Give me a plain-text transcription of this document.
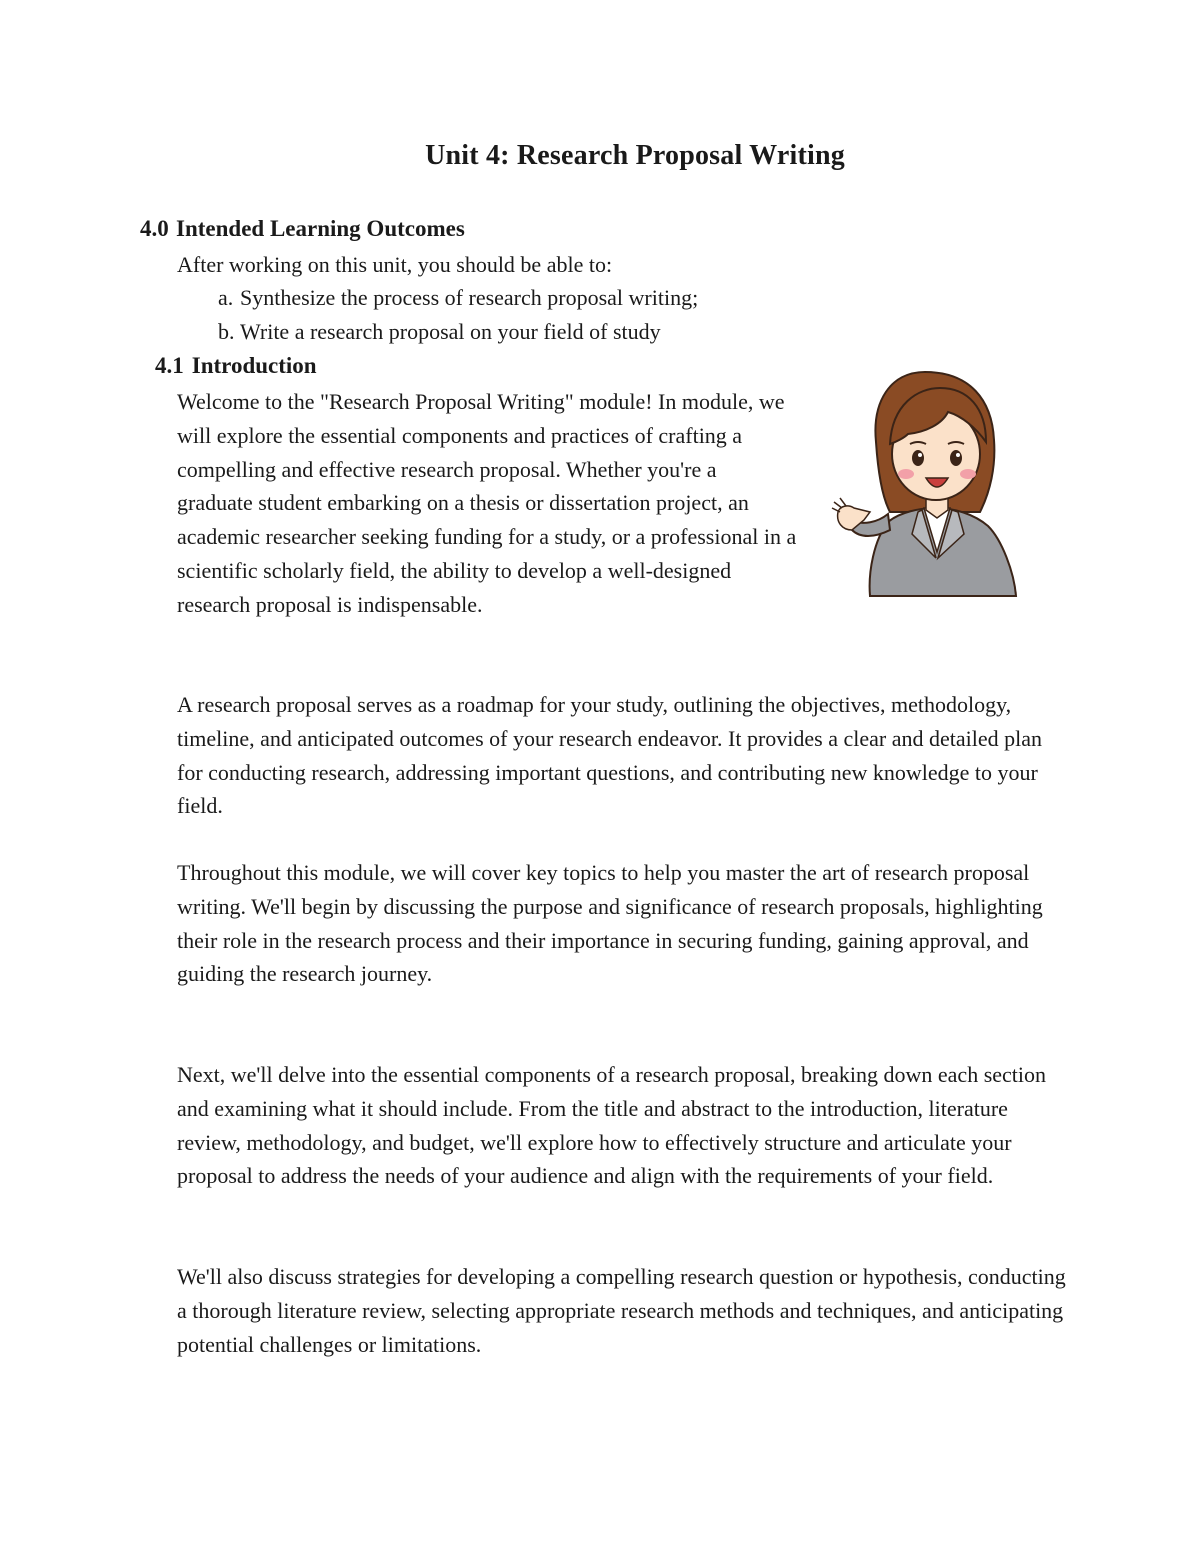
Unit 4: Research Proposal Writing
4.0 Intended Learning Outcomes
After working on this unit, you should be able to:
a. Synthesize the process of research proposal writing;
b. Write a research proposal on your field of study
4.1 Introduction

Welcome to the "Research Proposal Writing" module! In module, we will explore the essential components and practices of crafting a compelling and effective research proposal. Whether you're a graduate student embarking on a thesis or dissertation project, an academic researcher seeking funding for a study, or a professional in a scientific scholarly field, the ability to develop a well-designed research proposal is indispensable.

A research proposal serves as a roadmap for your study, outlining the objectives, methodology, timeline, and anticipated outcomes of your research endeavor. It provides a clear and detailed plan for conducting research, addressing important questions, and contributing new knowledge to your field.

Throughout this module, we will cover key topics to help you master the art of research proposal writing. We'll begin by discussing the purpose and significance of research proposals, highlighting their role in the research process and their importance in securing funding, gaining approval, and guiding the research journey.

Next, we'll delve into the essential components of a research proposal, breaking down each section and examining what it should include. From the title and abstract to the introduction, literature review, methodology, and budget, we'll explore how to effectively structure and articulate your proposal to address the needs of your audience and align with the requirements of your field.

We'll also discuss strategies for developing a compelling research question or hypothesis, conducting a thorough literature review, selecting appropriate research methods and techniques, and anticipating potential challenges or limitations.
